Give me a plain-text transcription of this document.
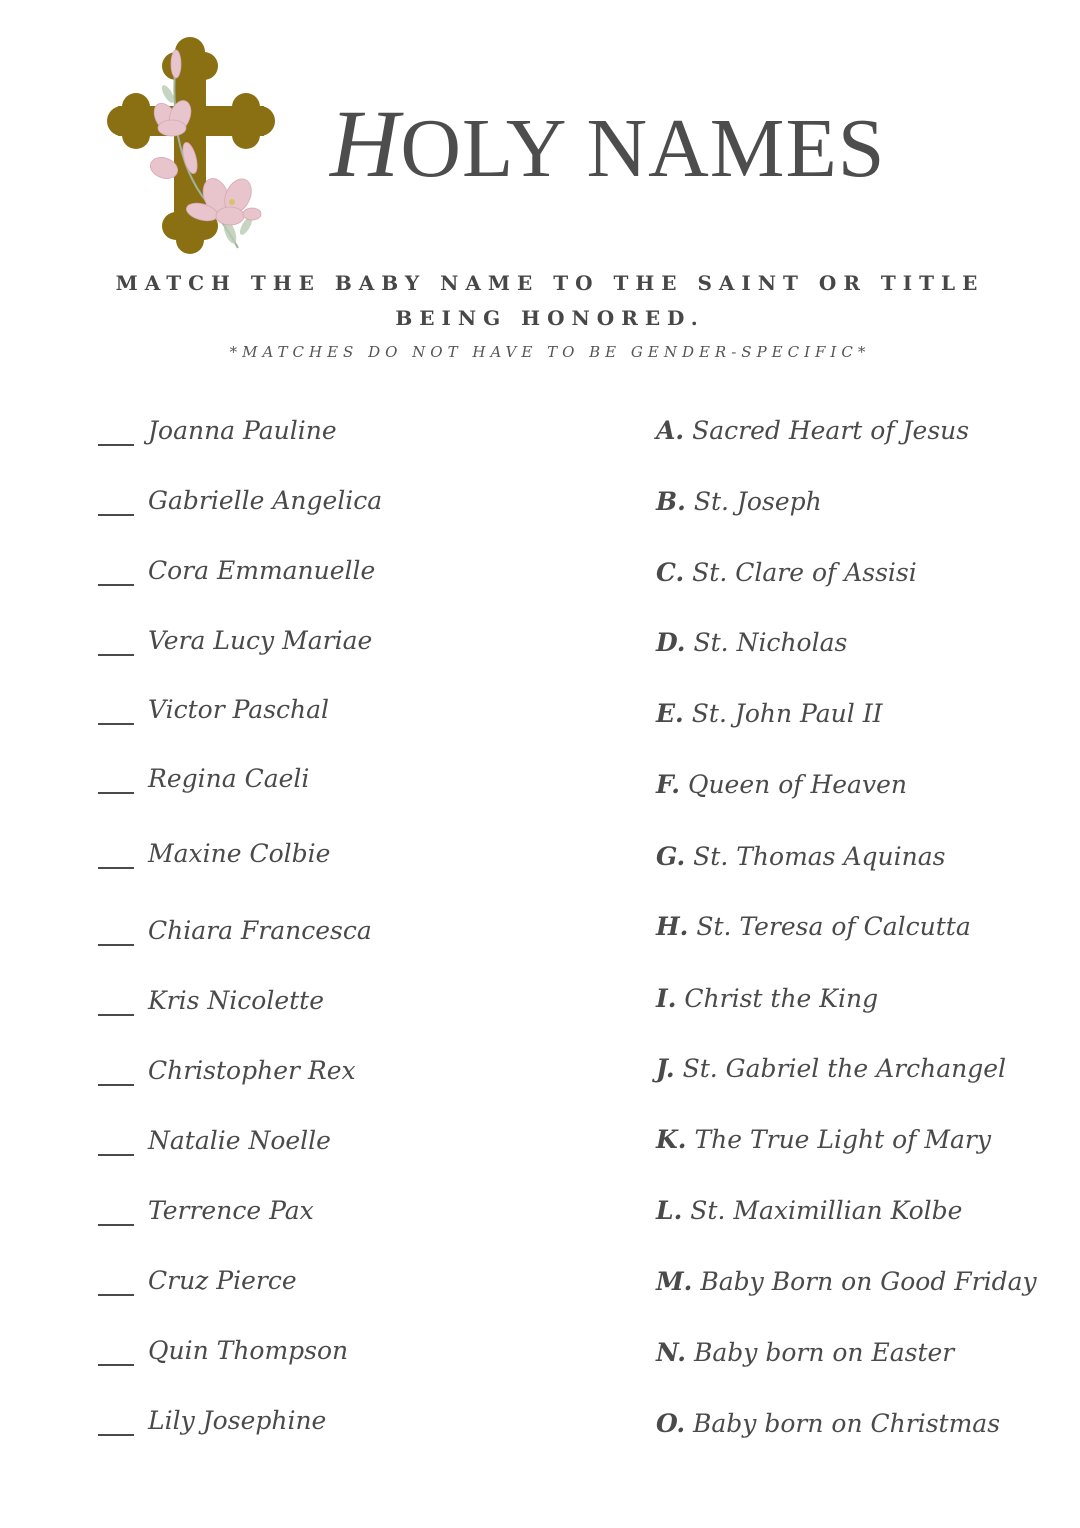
HOLY NAMES
MATCH THE BABY NAME TO THE SAINT OR TITLE
BEING HONORED.
*MATCHES DO NOT HAVE TO BE GENDER-SPECIFIC*
Joanna Pauline
Gabrielle Angelica
Cora Emmanuelle
Vera Lucy Mariae
Victor Paschal
Regina Caeli
Maxine Colbie
Chiara Francesca
Kris Nicolette
Christopher Rex
Natalie Noelle
Terrence Pax
Cruz Pierce
Quin Thompson
Lily Josephine
A. Sacred Heart of Jesus
B. St. Joseph
C. St. Clare of Assisi
D. St. Nicholas
E. St. John Paul II
F. Queen of Heaven
G. St. Thomas Aquinas
H. St. Teresa of Calcutta
I. Christ the King
J. St. Gabriel the Archangel
K. The True Light of Mary
L. St. Maximillian Kolbe
M. Baby Born on Good Friday
N. Baby born on Easter
O. Baby born on Christmas
